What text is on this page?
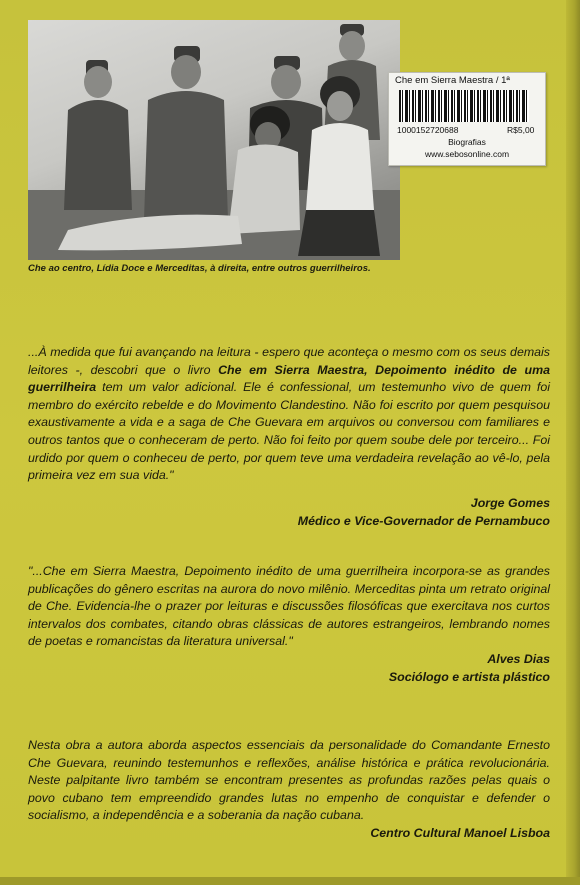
Che ao centro, Lídia Doce e Merceditas, à direita, entre outros guerrilheiros.
Che em Sierra Maestra / 1ª
1000152720688	R$5,00
Biografias
www.sebosonline.com
...À medida que fui avançando na leitura - espero que aconteça o mesmo com os seus demais leitores -, descobri que o livro Che em Sierra Maestra, Depoimento inédito de uma guerrilheira tem um valor adicional. Ele é confessional, um testemunho vivo de quem foi membro do exército rebelde e do Movimento Clandestino. Não foi escrito por quem pesquisou exaustivamente a vida e a saga de Che Guevara em arquivos ou conversou com familiares e outros tantos que o conheceram de perto. Não foi feito por quem soube dele por terceiro... Foi urdido por quem o conheceu de perto, por quem teve uma verdadeira revelação ao vê-lo, pela primeira vez em sua vida."
Jorge Gomes
Médico e Vice-Governador de Pernambuco
"...Che em Sierra Maestra, Depoimento inédito de uma guerrilheira incorpora-se as grandes publicações do gênero escritas na aurora do novo milênio. Merceditas pinta um retrato original de Che. Evidencia-lhe o prazer por leituras e discussões filosóficas que exercitava nos curtos intervalos dos combates, citando obras clássicas de autores estrangeiros, lembrando nomes de poetas e romancistas da literatura universal."
Alves Dias
Sociólogo e artista plástico
Nesta obra a autora aborda aspectos essenciais da personalidade do Comandante Ernesto Che Guevara, reunindo testemunhos e reflexões, análise histórica e prática revolucionária. Neste palpitante livro também se encontram presentes as profundas razões pelas quais o povo cubano tem empreendido grandes lutas no empenho de conquistar e defender o socialismo, a independência e a soberania da nação cubana.
Centro Cultural Manoel Lisboa
